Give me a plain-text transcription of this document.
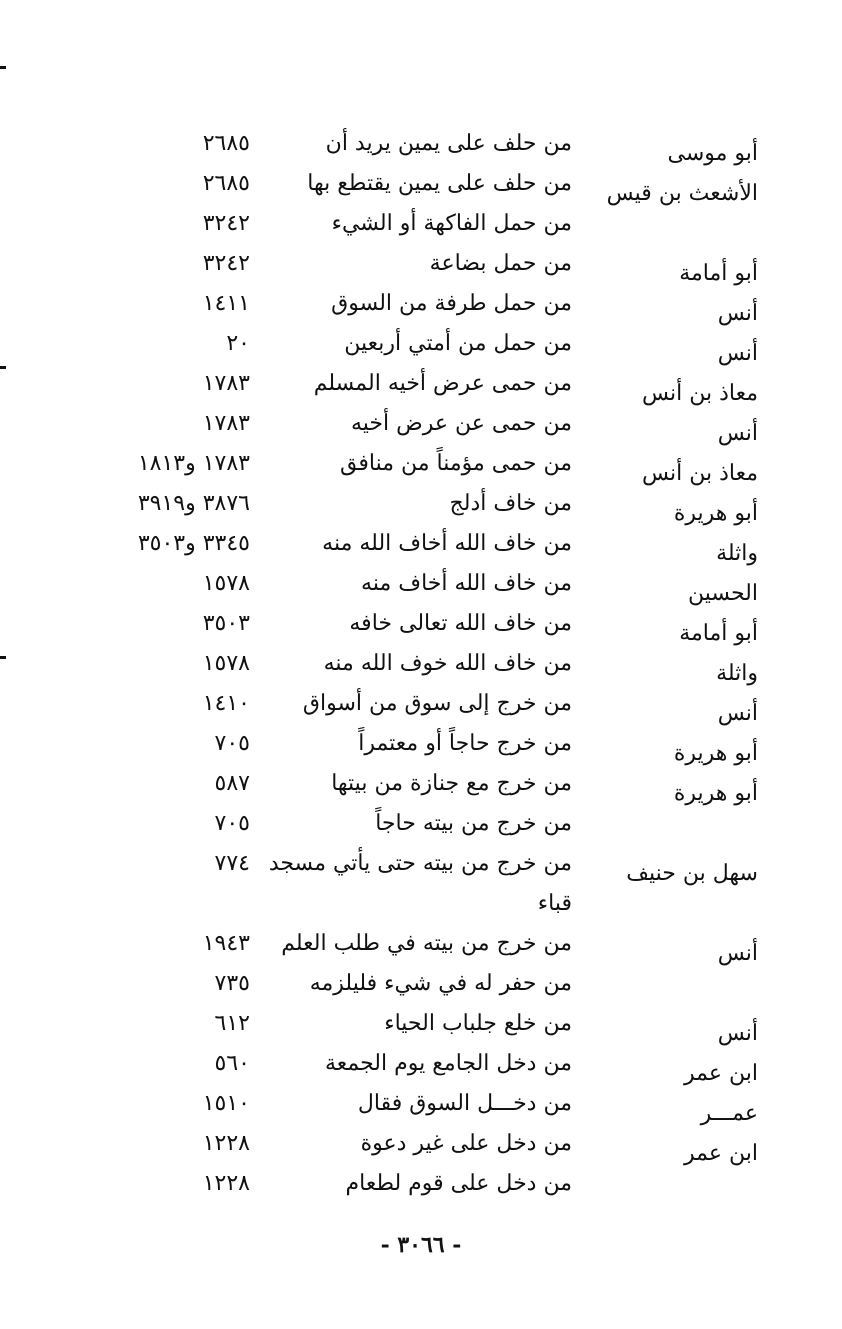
أبو موسى
من حلف على يمين يريد أن
٢٦٨٥
الأشعث بن قيس
من حلف على يمين يقتطع بها
٢٦٨٥
من حمل الفاكهة أو الشيء
٣٢٤٢
أبو أمامة
من حمل بضاعة
٣٢٤٢
أنس
من حمل طرفة من السوق
١٤١١
أنس
من حمل من أمتي أربعين
٢٠
معاذ بن أنس
من حمى عرض أخيه المسلم
١٧٨٣
أنس
من حمى عن عرض أخيه
١٧٨٣
معاذ بن أنس
من حمى مؤمناً من منافق
١٧٨٣ و١٨١٣
أبو هريرة
من خاف أدلج
٣٨٧٦ و٣٩١٩
واثلة
من خاف الله أخاف الله منه
٣٣٤٥ و٣٥٠٣
الحسين
من خاف الله أخاف منه
١٥٧٨
أبو أمامة
من خاف الله تعالى خافه
٣٥٠٣
واثلة
من خاف الله خوف الله منه
١٥٧٨
أنس
من خرج إلى سوق من أسواق
١٤١٠
أبو هريرة
من خرج حاجاً أو معتمراً
٧٠٥
أبو هريرة
من خرج مع جنازة من بيتها
٥٨٧
من خرج من بيته حاجاً
٧٠٥
سهل بن حنيف
من خرج من بيته حتى يأتي مسجد قباء
٧٧٤
أنس
من خرج من بيته في طلب العلم
١٩٤٣
من حفر له في شيء فليلزمه
٧٣٥
أنس
من خلع جلباب الحياء
٦١٢
ابن عمر
من دخل الجامع يوم الجمعة
٥٦٠
عمـــر
من دخـــل السوق فقال
١٥١٠
ابن عمر
من دخل على غير دعوة
١٢٢٨
من دخل على قوم لطعام
١٢٢٨
- ٣٠٦٦ -
